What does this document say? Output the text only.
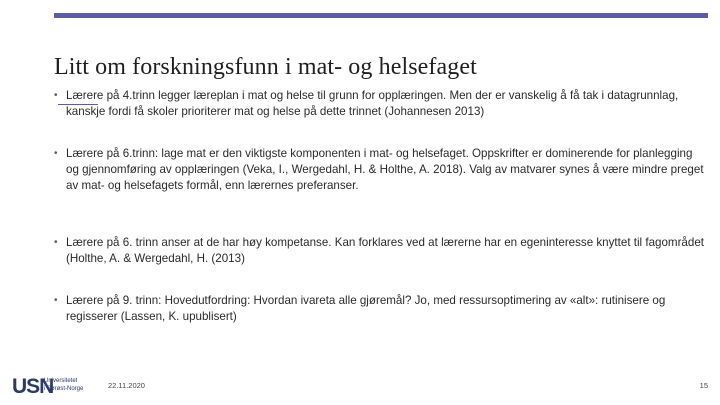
Litt om forskningsfunn i mat- og helsefaget
• Lærere på 4.trinn legger læreplan i mat og helse til grunn for opplæringen. Men der er vanskelig å få tak i datagrunnlag, kanskje fordi få skoler prioriterer mat og helse på dette trinnet (Johannesen 2013)
• Lærere på 6.trinn: lage mat er den viktigste komponenten i mat- og helsefaget. Oppskrifter er dominerende for planlegging og gjennomføring av opplæringen (Veka, I., Wergedahl, H. & Holthe, A. 2018). Valg av matvarer synes å være mindre preget av mat- og helsefagets formål, enn lærernes preferanser.
• Lærere på 6. trinn anser at de har høy kompetanse. Kan forklares ved at lærerne har en egeninteresse knyttet til fagområdet (Holthe, A. & Wergedahl, H. (2013)
• Lærere på 9. trinn: Hovedutfordring: Hvordan ivareta alle gjøremål? Jo, med ressursoptimering av «alt»: rutinisere og regisserer (Lassen, K. upublisert)
USN
Universitetet
i Sørøst-Norge	22.11.2020	15
